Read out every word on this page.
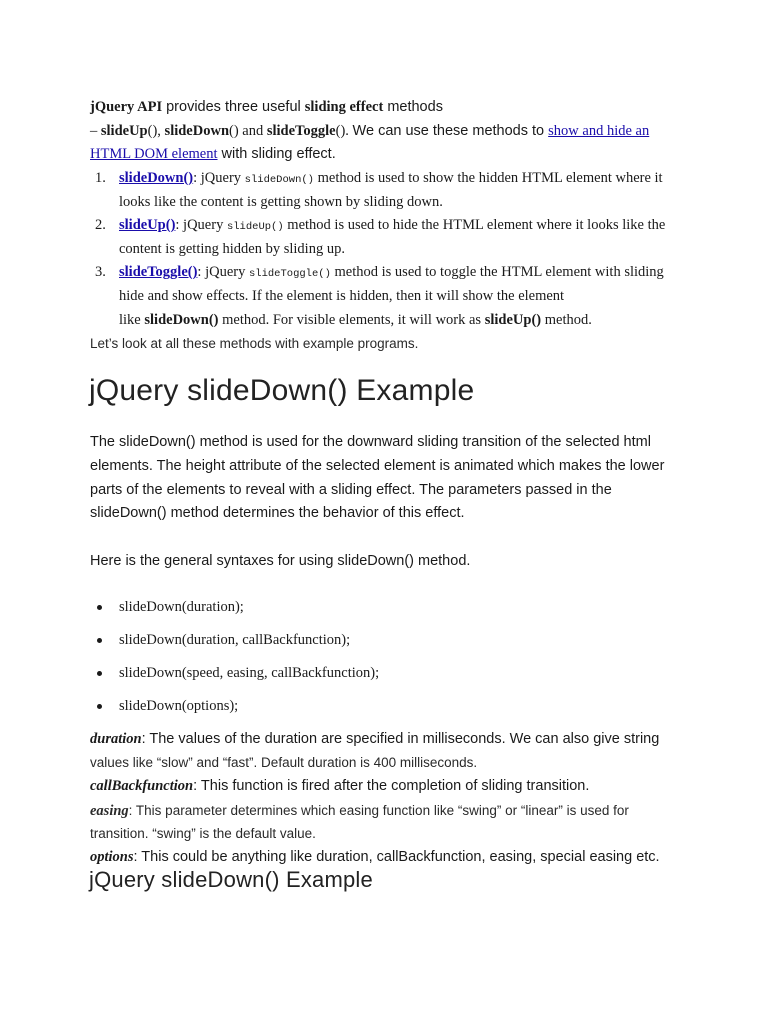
jQuery API provides three useful sliding effect methods
– slideUp(), slideDown() and slideToggle(). We can use these methods to show and hide an
HTML DOM element with sliding effect.
1. slideDown(): jQuery slideDown() method is used to show the hidden HTML element where it
looks like the content is getting shown by sliding down.
2. slideUp(): jQuery slideUp() method is used to hide the HTML element where it looks like the
content is getting hidden by sliding up.
3. slideToggle(): jQuery slideToggle() method is used to toggle the HTML element with sliding
hide and show effects. If the element is hidden, then it will show the element
like slideDown() method. For visible elements, it will work as slideUp() method.
Let’s look at all these methods with example programs.
jQuery slideDown() Example
The slideDown() method is used for the downward sliding transition of the selected html
elements. The height attribute of the selected element is animated which makes the lower
parts of the elements to reveal with a sliding effect. The parameters passed in the
slideDown() method determines the behavior of this effect.
Here is the general syntaxes for using slideDown() method.
slideDown(duration);
slideDown(duration, callBackfunction);
slideDown(speed, easing, callBackfunction);
slideDown(options);
duration: The values of the duration are specified in milliseconds. We can also give string
values like “slow” and “fast”. Default duration is 400 milliseconds.
callBackfunction: This function is fired after the completion of sliding transition.
easing: This parameter determines which easing function like “swing” or “linear” is used for
transition. “swing” is the default value.
options: This could be anything like duration, callBackfunction, easing, special easing etc.
jQuery slideDown() Example
